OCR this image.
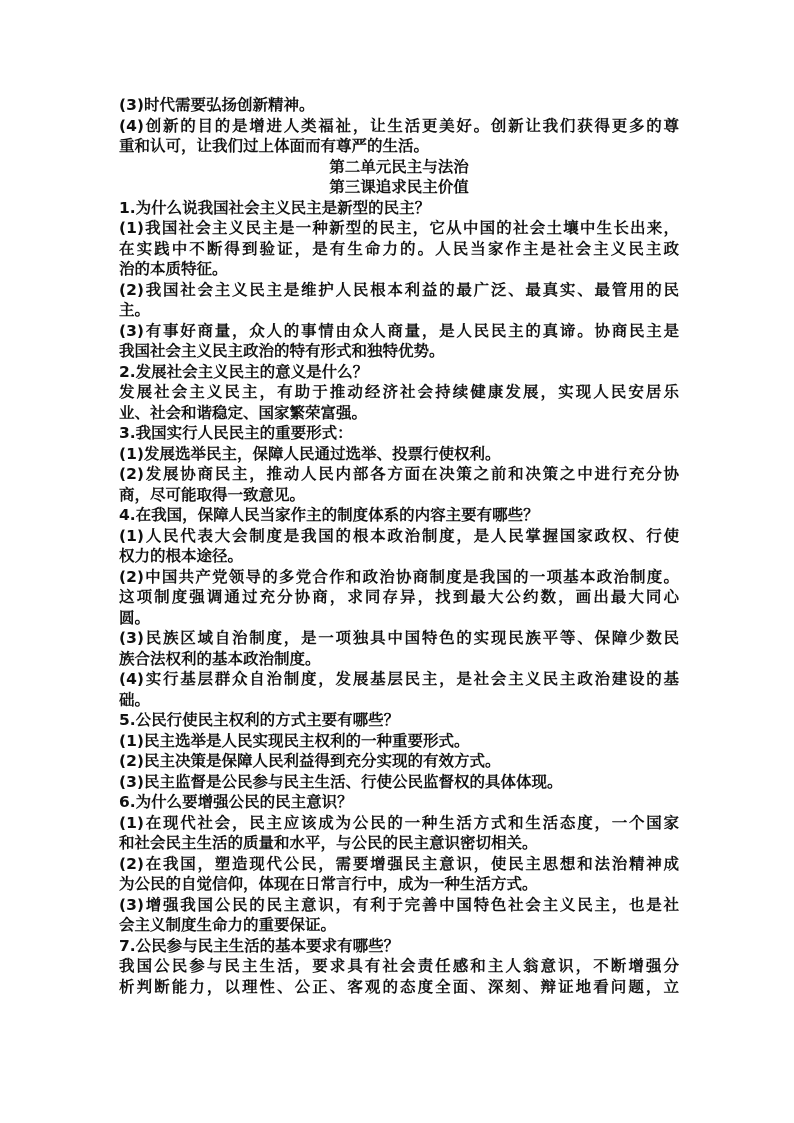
(3)时代需要弘扬创新精神。
(4)创新的目的是增进人类福祉，让生活更美好。创新让我们获得更多的尊
重和认可，让我们过上体面而有尊严的生活。
第二单元民主与法治
第三课追求民主价值
1.为什么说我国社会主义民主是新型的民主？
(1)我国社会主义民主是一种新型的民主，它从中国的社会土壤中生长出来，
在实践中不断得到验证，是有生命力的。人民当家作主是社会主义民主政
治的本质特征。
(2)我国社会主义民主是维护人民根本利益的最广泛、最真实、最管用的民
主。
(3)有事好商量，众人的事情由众人商量，是人民民主的真谛。协商民主是
我国社会主义民主政治的特有形式和独特优势。
2.发展社会主义民主的意义是什么？
发展社会主义民主，有助于推动经济社会持续健康发展，实现人民安居乐
业、社会和谐稳定、国家繁荣富强。
3.我国实行人民民主的重要形式：
(1)发展选举民主，保障人民通过选举、投票行使权利。
(2)发展协商民主，推动人民内部各方面在决策之前和决策之中进行充分协
商，尽可能取得一致意见。
4.在我国，保障人民当家作主的制度体系的内容主要有哪些？
(1)人民代表大会制度是我国的根本政治制度，是人民掌握国家政权、行使
权力的根本途径。
(2)中国共产党领导的多党合作和政治协商制度是我国的一项基本政治制度。
这项制度强调通过充分协商，求同存异，找到最大公约数，画出最大同心
圆。
(3)民族区域自治制度，是一项独具中国特色的实现民族平等、保障少数民
族合法权利的基本政治制度。
(4)实行基层群众自治制度，发展基层民主，是社会主义民主政治建设的基
础。
5.公民行使民主权利的方式主要有哪些？
(1)民主选举是人民实现民主权利的一种重要形式。
(2)民主决策是保障人民利益得到充分实现的有效方式。
(3)民主监督是公民参与民主生活、行使公民监督权的具体体现。
6.为什么要增强公民的民主意识？
(1)在现代社会，民主应该成为公民的一种生活方式和生活态度，一个国家
和社会民主生活的质量和水平，与公民的民主意识密切相关。
(2)在我国，塑造现代公民，需要增强民主意识，使民主思想和法治精神成
为公民的自觉信仰，体现在日常言行中，成为一种生活方式。
(3)增强我国公民的民主意识，有利于完善中国特色社会主义民主，也是社
会主义制度生命力的重要保证。
7.公民参与民主生活的基本要求有哪些？
我国公民参与民主生活，要求具有社会责任感和主人翁意识，不断增强分
析判断能力，以理性、公正、客观的态度全面、深刻、辩证地看问题，立
